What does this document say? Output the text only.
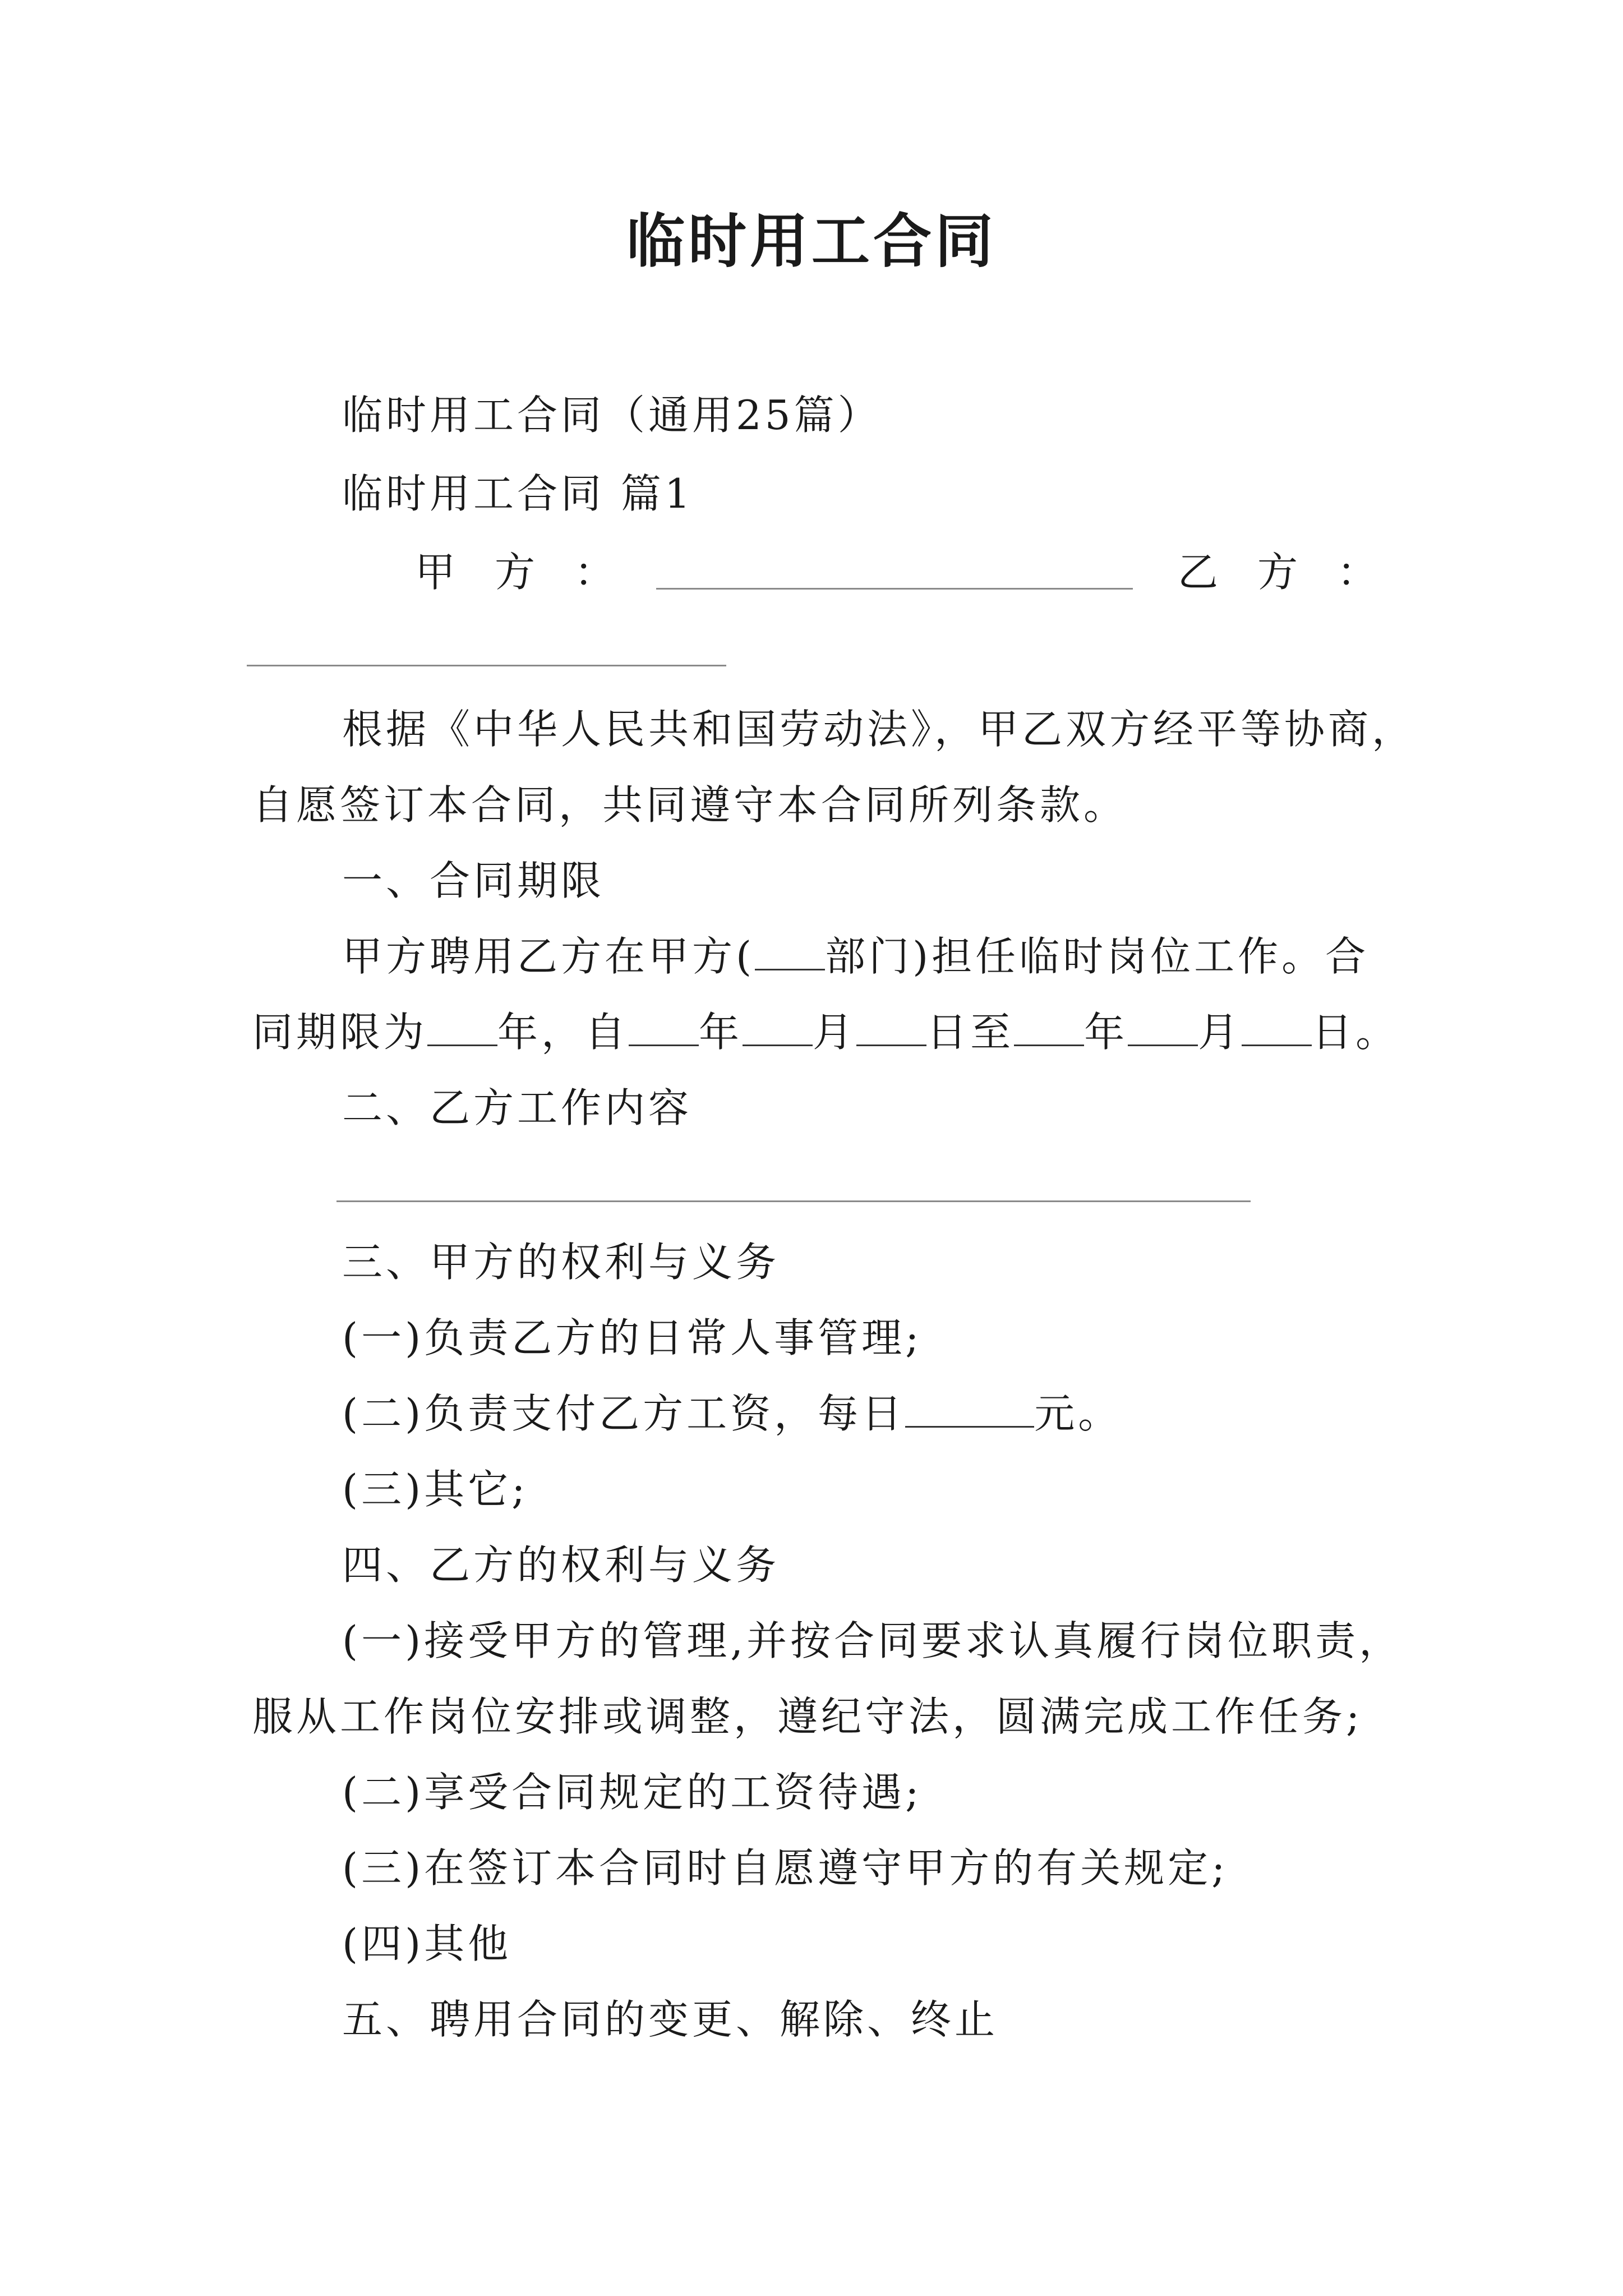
临时用工合同
临时用工合同（通用25篇）
临时用工合同 篇1
甲方：	乙方：
根据《中华人民共和国劳动法》，甲乙双方经平等协商，
自愿签订本合同，共同遵守本合同所列条款。
一、合同期限
甲方聘用乙方在甲方( 部门)担任临时岗位工作。合
同期限为 年，自 年 月 日至 年 月 日。
二、乙方工作内容
三、甲方的权利与义务
(一)负责乙方的日常人事管理;
(二)负责支付乙方工资，每日	元。
(三)其它;
四、乙方的权利与义务
(一)接受甲方的管理,并按合同要求认真履行岗位职责，
服从工作岗位安排或调整，遵纪守法，圆满完成工作任务;
(二)享受合同规定的工资待遇;
(三)在签订本合同时自愿遵守甲方的有关规定;
(四)其他
五、聘用合同的变更、解除、终止
